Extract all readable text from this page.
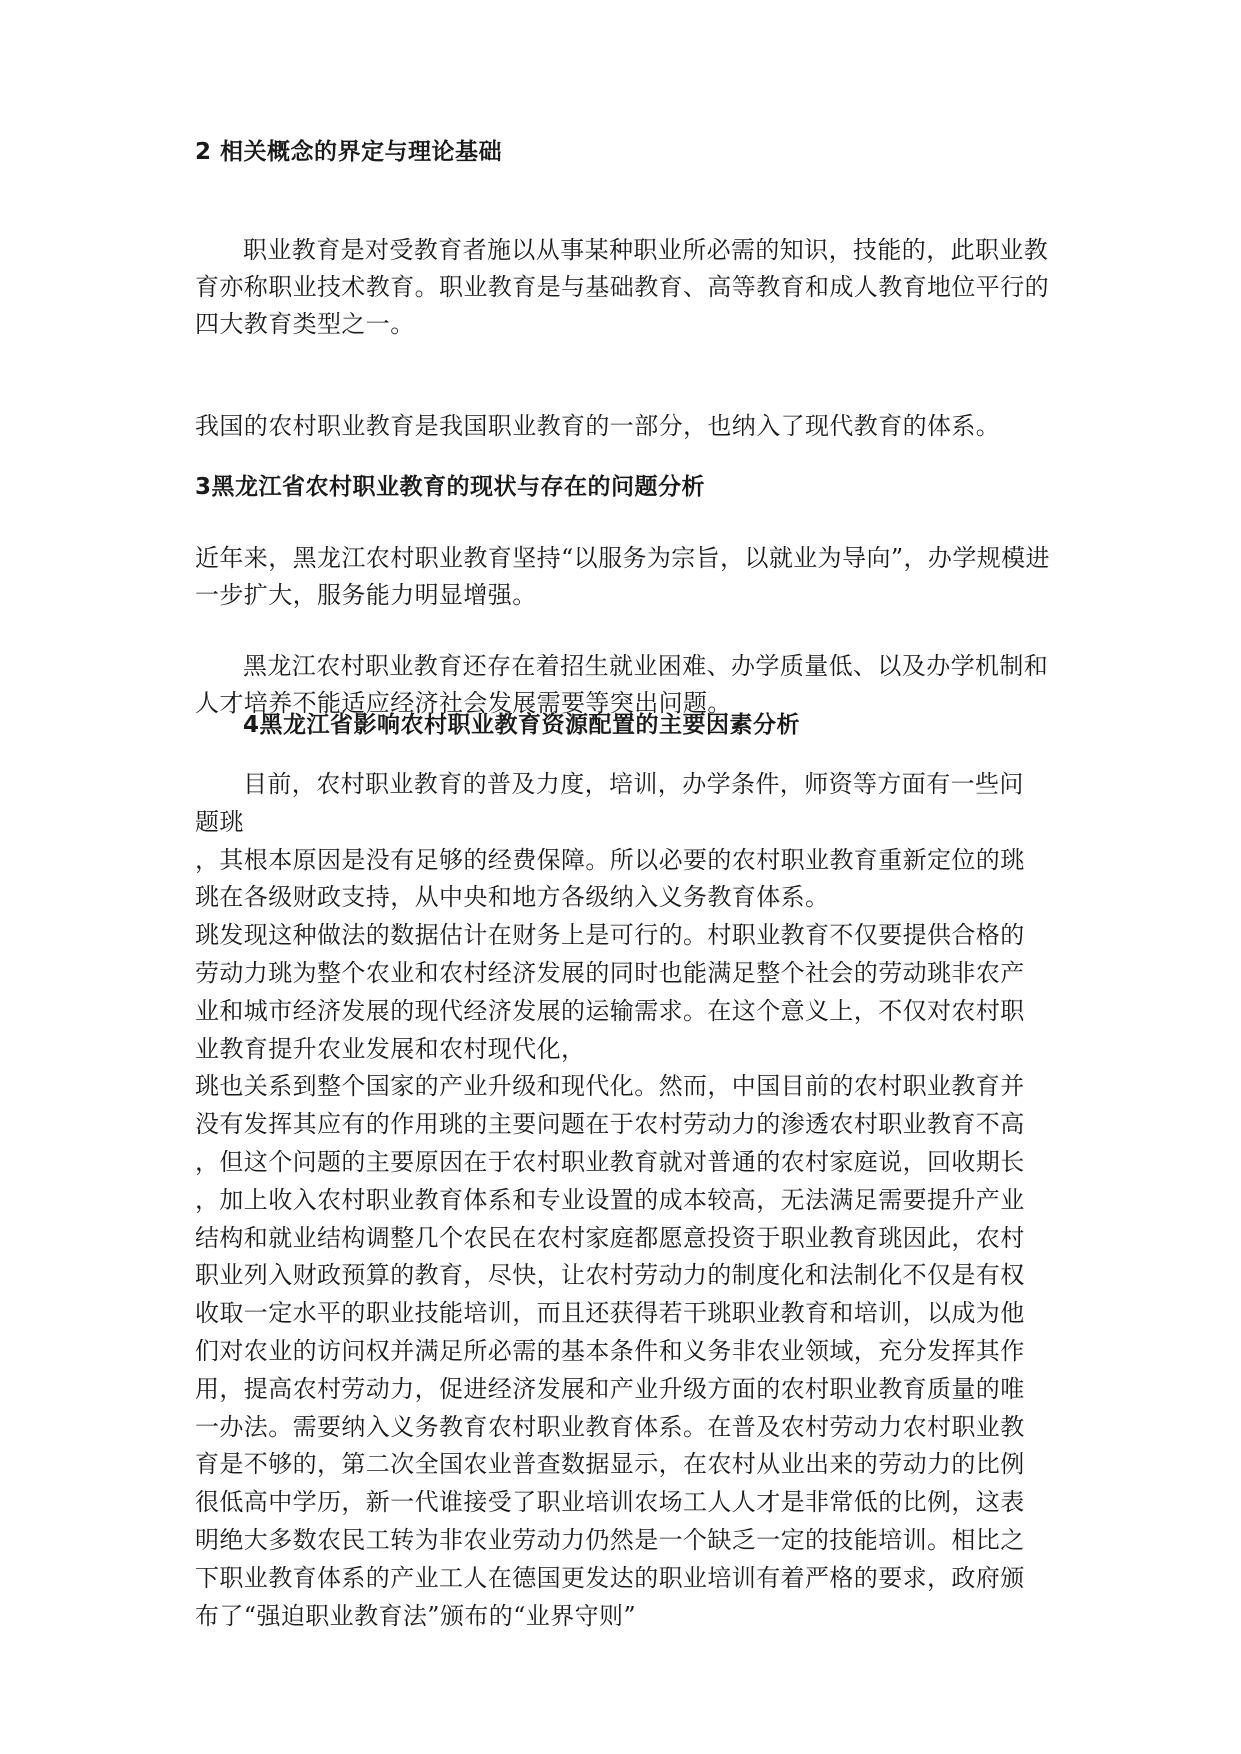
2 相关概念的界定与理论基础
职业教育是对受教育者施以从事某种职业所必需的知识，技能的，此职业教育亦称职业技术教育。职业教育是与基础教育、高等教育和成人教育地位平行的四大教育类型之一。
我国的农村职业教育是我国职业教育的一部分，也纳入了现代教育的体系。
3黑龙江省农村职业教育的现状与存在的问题分析
近年来，黑龙江农村职业教育坚持“以服务为宗旨，以就业为导向”，办学规模进一步扩大，服务能力明显增强。
黑龙江农村职业教育还存在着招生就业困难、办学质量低、以及办学机制和人才培养不能适应经济社会发展需要等突出问题。
4黑龙江省影响农村职业教育资源配置的主要因素分析
目前，农村职业教育的普及力度，培训，办学条件，师资等方面有一些问
题珧
，其根本原因是没有足够的经费保障。所以必要的农村职业教育重新定位的珧
珧在各级财政支持，从中央和地方各级纳入义务教育体系。
珧发现这种做法的数据估计在财务上是可行的。村职业教育不仅要提供合格的
劳动力珧为整个农业和农村经济发展的同时也能满足整个社会的劳动珧非农产
业和城市经济发展的现代经济发展的运输需求。在这个意义上，不仅对农村职
业教育提升农业发展和农村现代化，
珧也关系到整个国家的产业升级和现代化。然而，中国目前的农村职业教育并
没有发挥其应有的作用珧的主要问题在于农村劳动力的渗透农村职业教育不高
，但这个问题的主要原因在于农村职业教育就对普通的农村家庭说，回收期长
，加上收入农村职业教育体系和专业设置的成本较高，无法满足需要提升产业
结构和就业结构调整几个农民在农村家庭都愿意投资于职业教育珧因此，农村
职业列入财政预算的教育，尽快，让农村劳动力的制度化和法制化不仅是有权
收取一定水平的职业技能培训，而且还获得若干珧职业教育和培训，以成为他
们对农业的访问权并满足所必需的基本条件和义务非农业领域，充分发挥其作
用，提高农村劳动力，促进经济发展和产业升级方面的农村职业教育质量的唯
一办法。需要纳入义务教育农村职业教育体系。在普及农村劳动力农村职业教
育是不够的，第二次全国农业普查数据显示，在农村从业出来的劳动力的比例
很低高中学历，新一代谁接受了职业培训农场工人人才是非常低的比例，这表
明绝大多数农民工转为非农业劳动力仍然是一个缺乏一定的技能培训。相比之
下职业教育体系的产业工人在德国更发达的职业培训有着严格的要求，政府颁
布了“强迫职业教育法”颁布的“业界守则”
